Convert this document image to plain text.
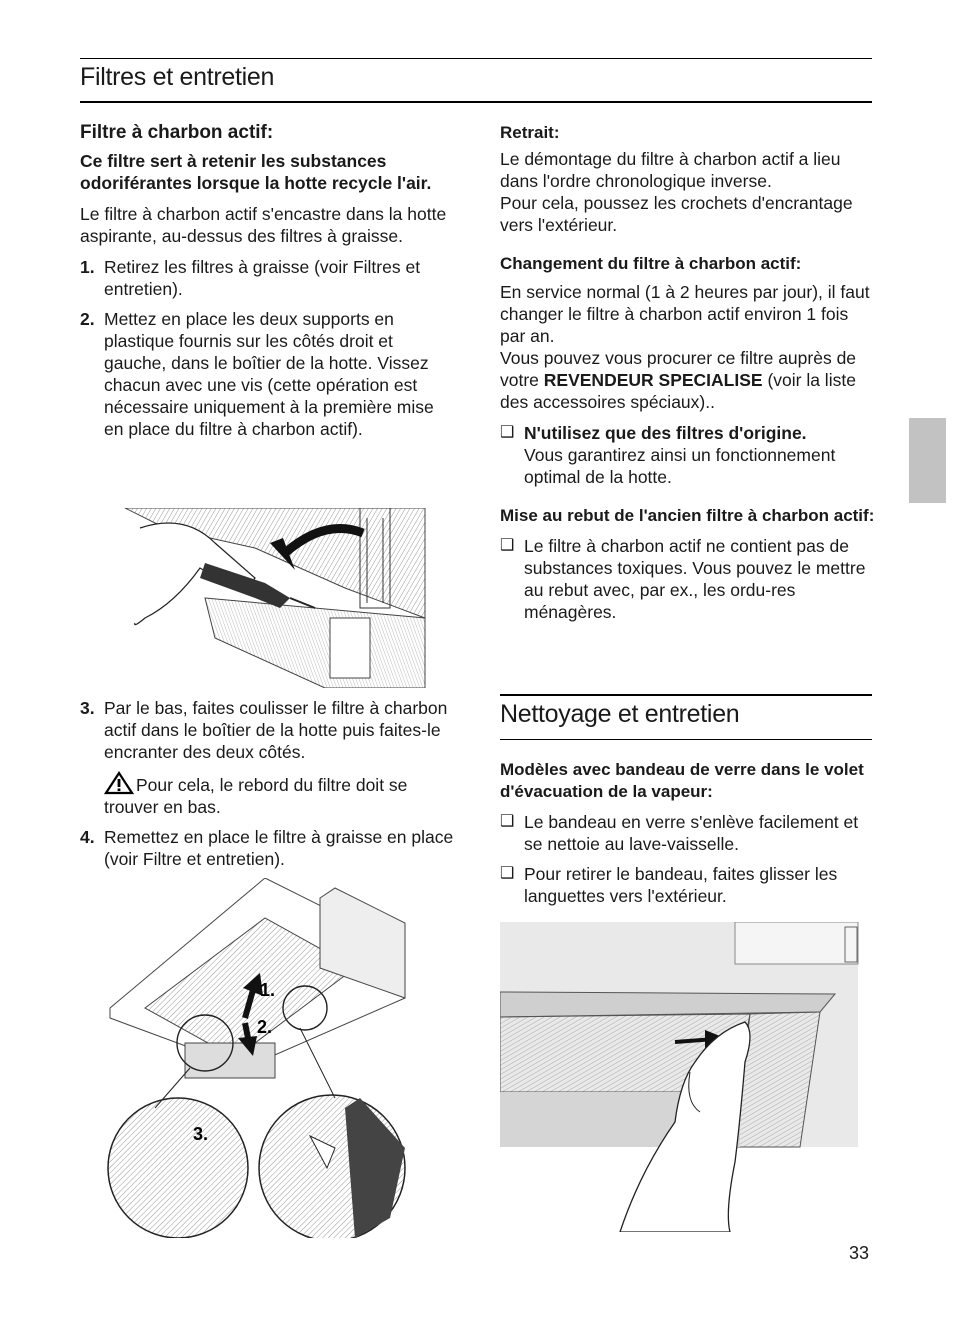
Filtres et entretien

Filtre à charbon actif:

Ce filtre sert à retenir les substances odoriférantes lorsque la hotte recycle l'air.

Le filtre à charbon actif s'encastre dans la hotte aspirante, au-dessus des filtres à graisse.

1. Retirez les filtres à graisse (voir Filtres et entretien).
2. Mettez en place les deux supports en plastique fournis sur les côtés droit et gauche, dans le boîtier de la hotte. Vissez chacun avec une vis (cette opération est nécessaire uniquement à la première mise en place du filtre à charbon actif).
3. Par le bas, faites coulisser le filtre à charbon actif dans le boîtier de la hotte puis faites-le encranter des deux côtés.
Pour cela, le rebord du filtre doit se trouver en bas.
4. Remettez en place le filtre à graisse en place (voir Filtre et entretien).
1.
2.
3.

Retrait:

Le démontage du filtre à charbon actif a lieu dans l'ordre chronologique inverse.

Pour cela, poussez les crochets d'encrantage vers l'extérieur.

Changement du filtre à charbon actif:

En service normal (1 à 2 heures par jour), il faut changer le filtre à charbon actif environ 1 fois par an.

Vous pouvez vous procurer ce filtre auprès de votre REVENDEUR SPECIALISE (voir la liste des accessoires spéciaux)..

❑ N'utilisez que des filtres d'origine.
Vous garantirez ainsi un fonctionnement optimal de la hotte.

Mise au rebut de l'ancien filtre à charbon actif:

❑ Le filtre à charbon actif ne contient pas de substances toxiques. Vous pouvez le mettre au rebut avec, par ex., les ordu-res ménagères.
Nettoyage et entretien

Modèles avec bandeau de verre dans le volet d'évacuation de la vapeur:

❑ Le bandeau en verre s'enlève facilement et se nettoie au lave-vaisselle.
❑ Pour retirer le bandeau, faites glisser les languettes vers l'extérieur.
33
